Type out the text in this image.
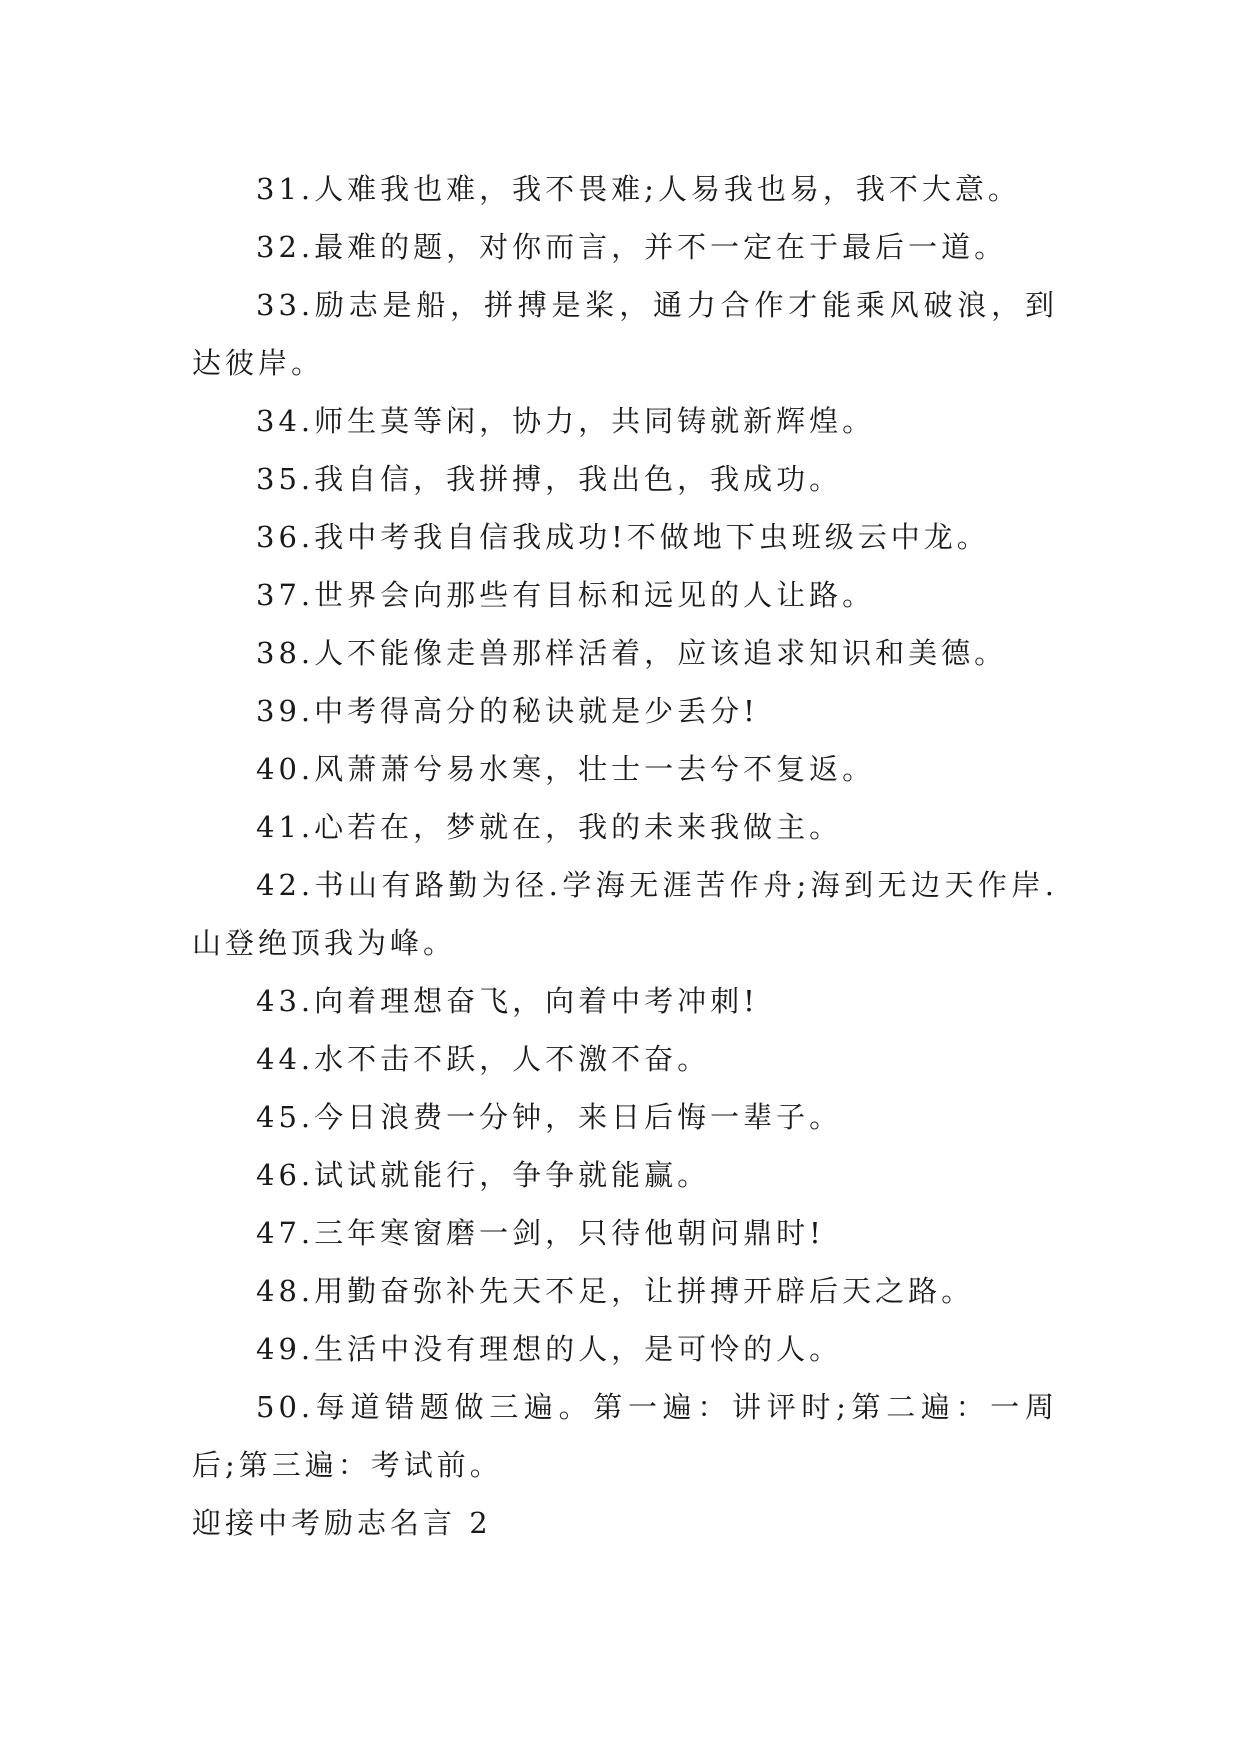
31.人难我也难，我不畏难;人易我也易，我不大意。

32.最难的题，对你而言，并不一定在于最后一道。

33.励志是船，拼搏是桨，通力合作才能乘风破浪，到达彼岸。

34.师生莫等闲，协力，共同铸就新辉煌。

35.我自信，我拼搏，我出色，我成功。

36.我中考我自信我成功!不做地下虫班级云中龙。

37.世界会向那些有目标和远见的人让路。

38.人不能像走兽那样活着，应该追求知识和美德。

39.中考得高分的秘诀就是少丢分!

40.风萧萧兮易水寒，壮士一去兮不复返。

41.心若在，梦就在，我的未来我做主。

42.书山有路勤为径.学海无涯苦作舟;海到无边天作岸.山登绝顶我为峰。

43.向着理想奋飞，向着中考冲刺!

44.水不击不跃，人不激不奋。

45.今日浪费一分钟，来日后悔一辈子。

46.试试就能行，争争就能赢。

47.三年寒窗磨一剑，只待他朝问鼎时!

48.用勤奋弥补先天不足，让拼搏开辟后天之路。

49.生活中没有理想的人，是可怜的人。

50.每道错题做三遍。第一遍：讲评时;第二遍：一周后;第三遍：考试前。

迎接中考励志名言 2
